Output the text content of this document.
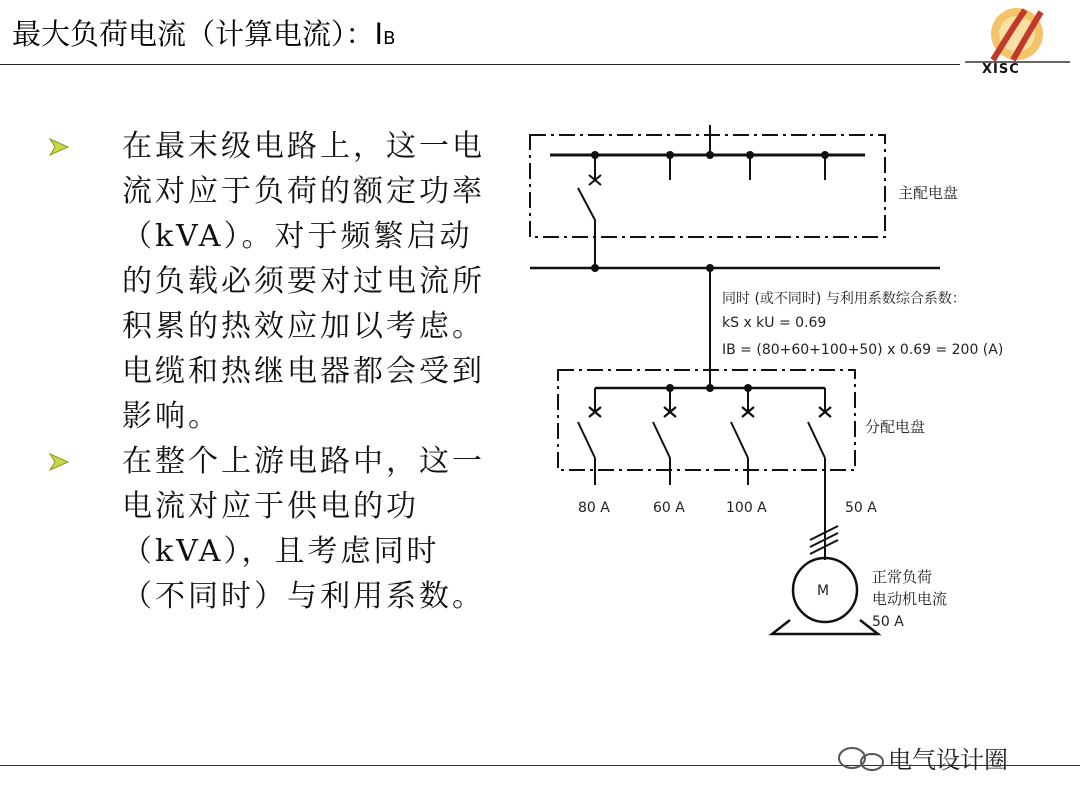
最大负荷电流（计算电流）：IB
XISC
在最末级电路上，这一电流对应于负荷的额定功率 （kVA）。对于频繁启动的负载必须要对过电流所积累的热效应加以考虑。电缆和热继电器都会受到影响。
在整个上游电路中，这一电流对应于供电的功（kVA），且考虑同时（不同时）与利用系数。
主配电盘
同时 (或不同时) 与利用系数综合系数：
kS x kU = 0.69
IB = (80+60+100+50) x 0.69 = 200 (A)
分配电盘
80 A	60 A	100 A	50 A
M
正常负荷
电动机电流
50 A
电气设计圈
